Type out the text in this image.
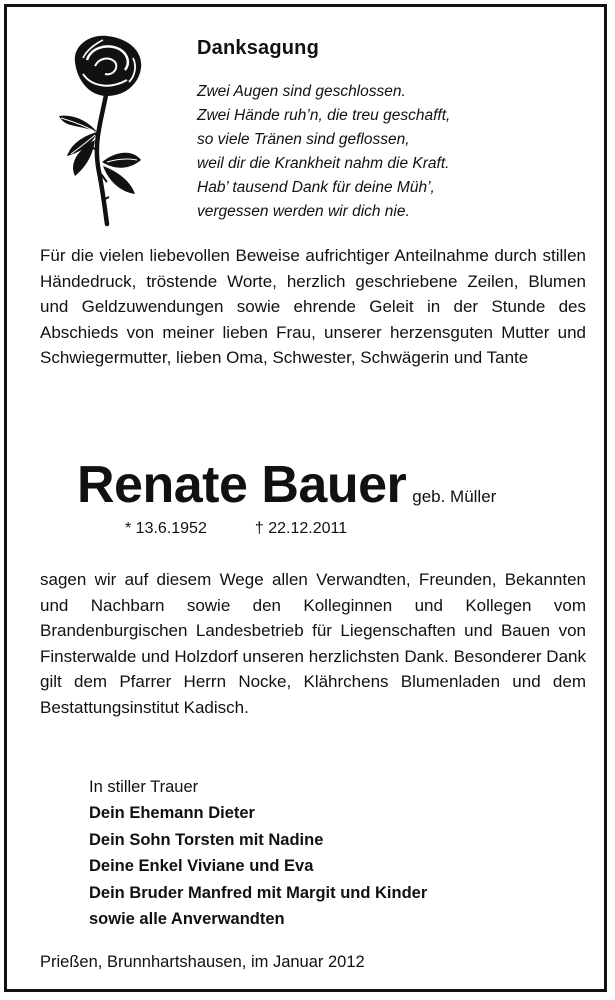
Danksagung
Zwei Augen sind geschlossen.
Zwei Hände ruh’n, die treu geschafft,
so viele Tränen sind geflossen,
weil dir die Krankheit nahm die Kraft.
Hab’ tausend Dank für deine Müh’,
vergessen werden wir dich nie.

Für die vielen liebevollen Beweise aufrichtiger Anteilnahme durch stillen Händedruck, tröstende Worte, herzlich geschriebene Zeilen, Blumen und Geldzuwendungen sowie ehrende Geleit in der Stunde des Abschieds von meiner lieben Frau, unserer herzensguten Mutter und Schwiegermutter, lieben Oma, Schwester, Schwägerin und Tante

Renate Bauer geb. Müller
* 13.6.1952	† 22.12.2011

sagen wir auf diesem Wege allen Verwandten, Freunden, Bekannten und Nachbarn sowie den Kolleginnen und Kollegen vom Brandenburgischen Landesbetrieb für Liegenschaften und Bauen von Finsterwalde und Holzdorf unseren herzlichsten Dank. Besonderer Dank gilt dem Pfarrer Herrn Nocke, Klährchens Blumenladen und dem Bestattungsinstitut Kadisch.

In stiller Trauer
Dein Ehemann Dieter
Dein Sohn Torsten mit Nadine
Deine Enkel Viviane und Eva
Dein Bruder Manfred mit Margit und Kinder
sowie alle Anverwandten
Prießen, Brunnhartshausen, im Januar 2012
